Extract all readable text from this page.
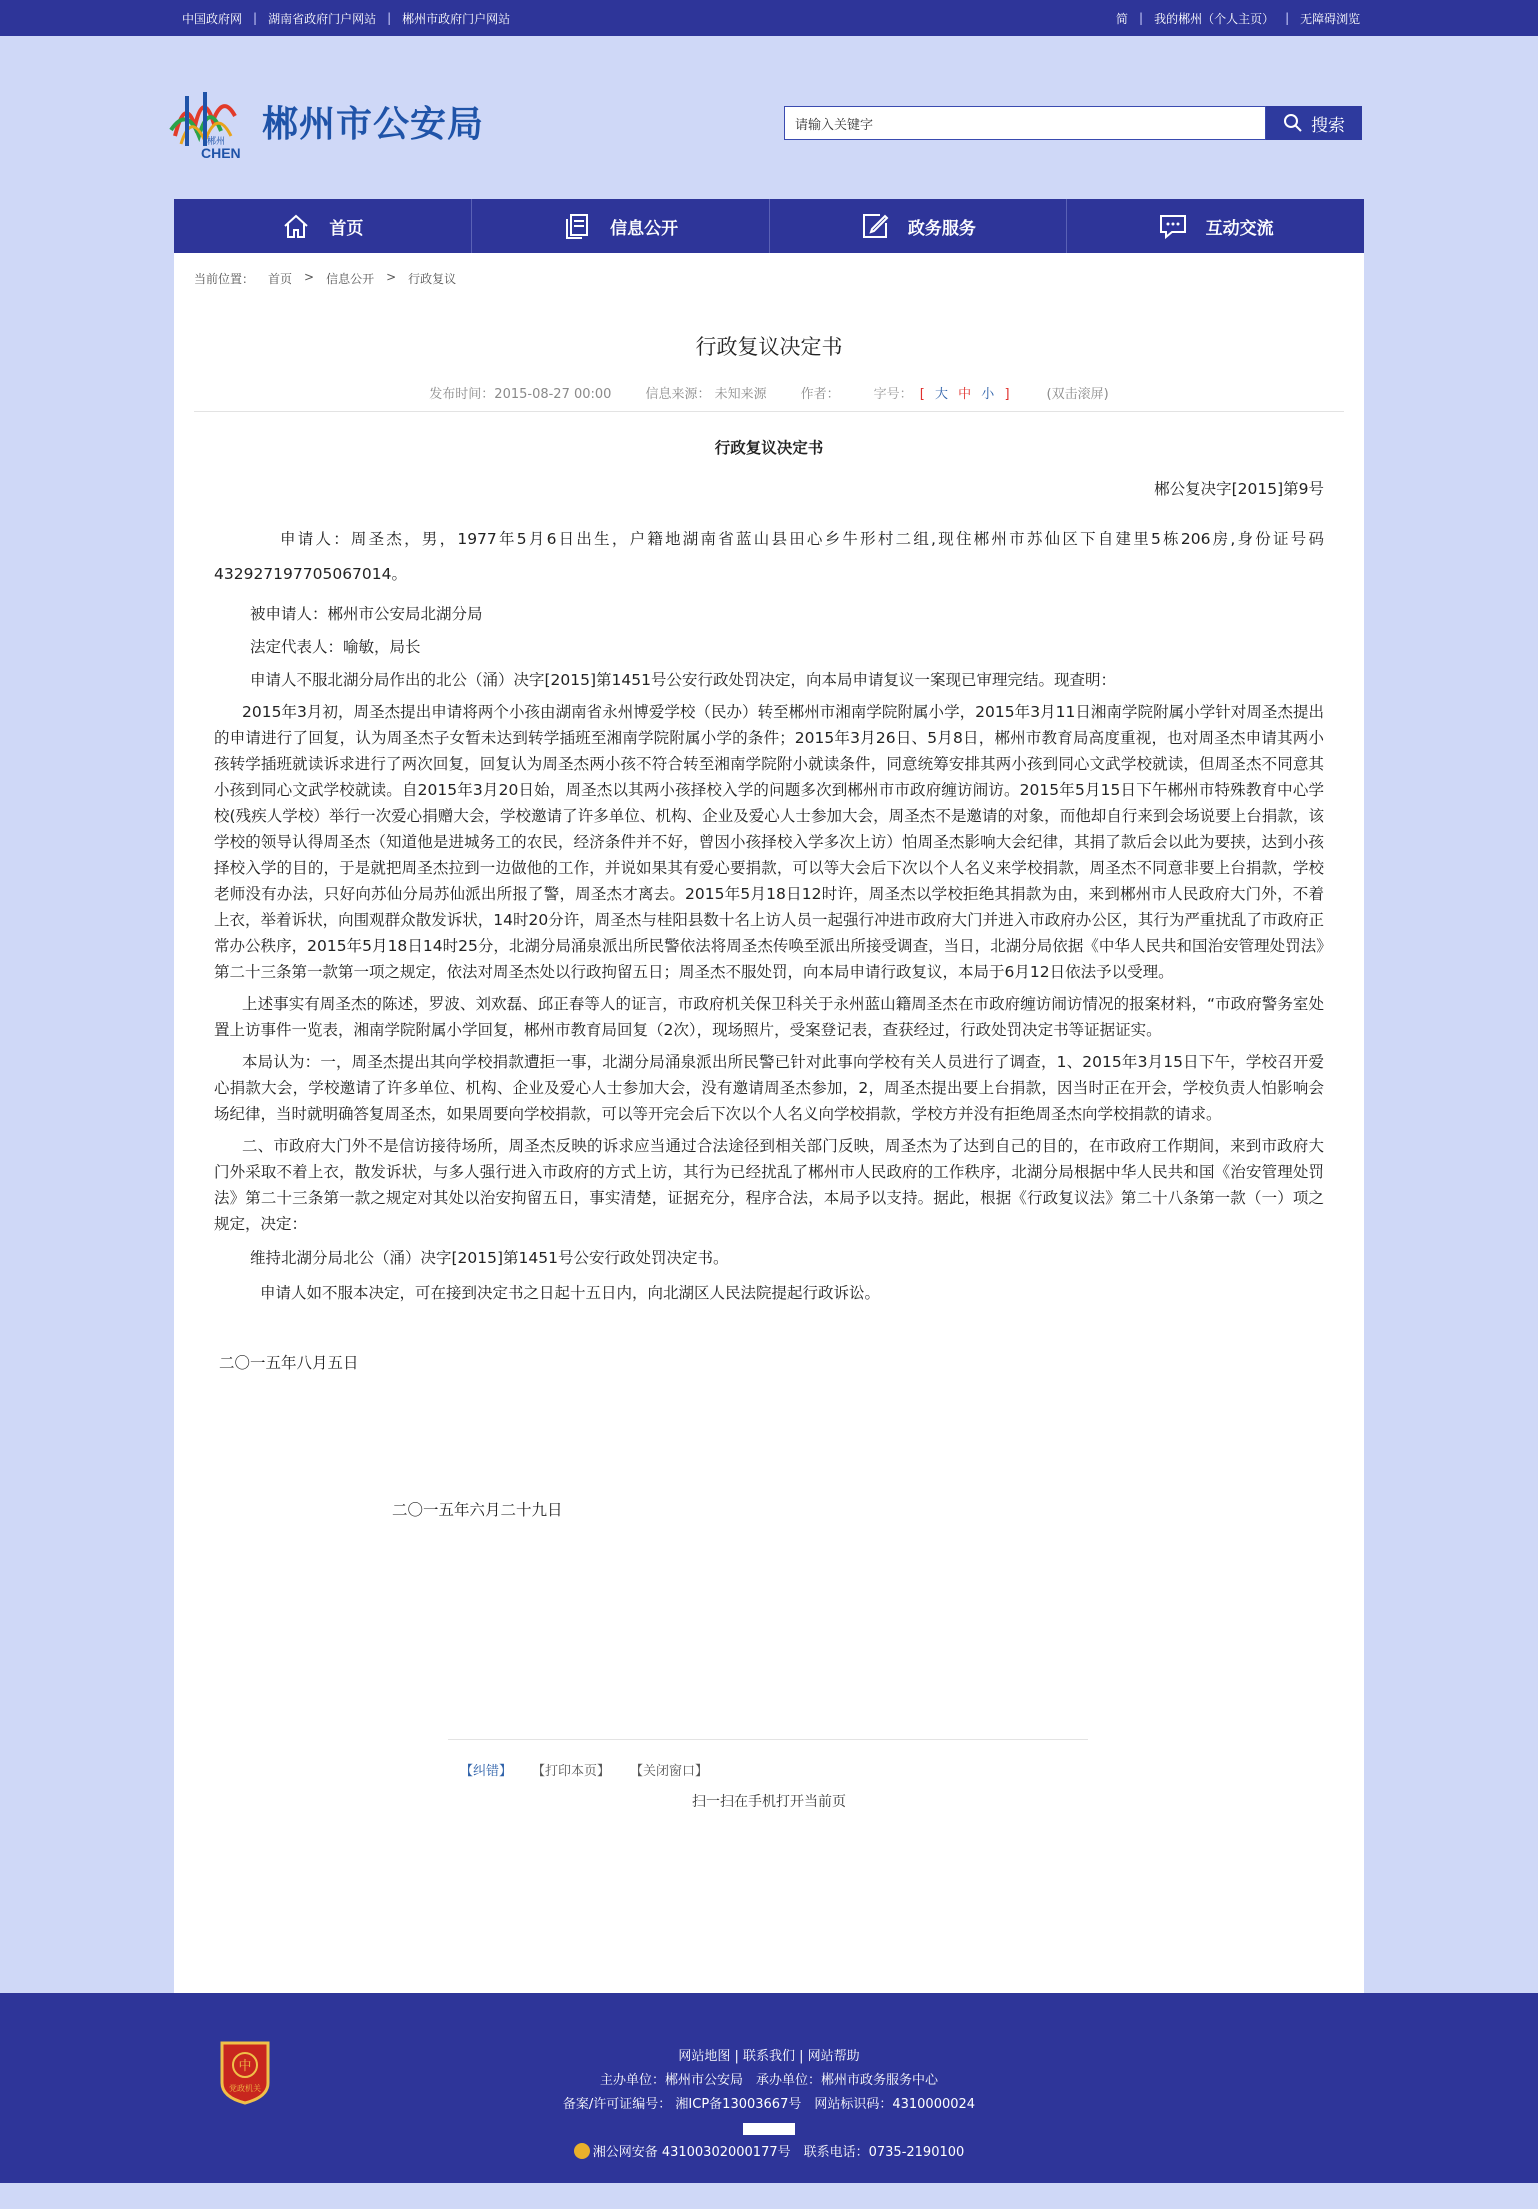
中国政府网 | 湖南省政府门户网站 | 郴州市政府门户网站	简 | 我的郴州（个人主页） | 无障碍浏览
郴州
CHEN
郴州市公安局
请输入关键字	搜索
首页	信息公开	政务服务	互动交流
当前位置： 首页 > 信息公开 > 行政复议
行政复议决定书
发布时间：2015-08-27 00:00	信息来源： 未知来源	作者：	字号： [ 大 中 小 ]	(双击滚屏)
行政复议决定书
郴公复决字[2015]第9号

申请人：周圣杰，男，1977年5月6日出生，户籍地湖南省蓝山县田心乡牛形村二组,现住郴州市苏仙区下自建里5栋206房,身份证号码432927197705067014。

被申请人：郴州市公安局北湖分局

法定代表人：喻敏，局长

申请人不服北湖分局作出的北公（涌）决字[2015]第1451号公安行政处罚决定，向本局申请复议一案现已审理完结。现查明：

2015年3月初，周圣杰提出申请将两个小孩由湖南省永州博爱学校（民办）转至郴州市湘南学院附属小学，2015年3月11日湘南学院附属小学针对周圣杰提出的申请进行了回复，认为周圣杰子女暂未达到转学插班至湘南学院附属小学的条件；2015年3月26日、5月8日，郴州市教育局高度重视，也对周圣杰申请其两小孩转学插班就读诉求进行了两次回复，回复认为周圣杰两小孩不符合转至湘南学院附小就读条件，同意统筹安排其两小孩到同心文武学校就读，但周圣杰不同意其小孩到同心文武学校就读。自2015年3月20日始，周圣杰以其两小孩择校入学的问题多次到郴州市市政府缠访闹访。2015年5月15日下午郴州市特殊教育中心学校(残疾人学校）举行一次爱心捐赠大会，学校邀请了许多单位、机构、企业及爱心人士参加大会，周圣杰不是邀请的对象，而他却自行来到会场说要上台捐款，该学校的领导认得周圣杰（知道他是进城务工的农民，经济条件并不好，曾因小孩择校入学多次上访）怕周圣杰影响大会纪律，其捐了款后会以此为要挟，达到小孩择校入学的目的，于是就把周圣杰拉到一边做他的工作，并说如果其有爱心要捐款，可以等大会后下次以个人名义来学校捐款，周圣杰不同意非要上台捐款，学校老师没有办法，只好向苏仙分局苏仙派出所报了警，周圣杰才离去。2015年5月18日12时许，周圣杰以学校拒绝其捐款为由，来到郴州市人民政府大门外，不着上衣，举着诉状，向围观群众散发诉状，14时20分许，周圣杰与桂阳县数十名上访人员一起强行冲进市政府大门并进入市政府办公区，其行为严重扰乱了市政府正常办公秩序，2015年5月18日14时25分，北湖分局涌泉派出所民警依法将周圣杰传唤至派出所接受调查，当日，北湖分局依据《中华人民共和国治安管理处罚法》第二十三条第一款第一项之规定，依法对周圣杰处以行政拘留五日；周圣杰不服处罚，向本局申请行政复议，本局于6月12日依法予以受理。

上述事实有周圣杰的陈述，罗波、刘欢磊、邱正春等人的证言，市政府机关保卫科关于永州蓝山籍周圣杰在市政府缠访闹访情况的报案材料，“市政府警务室处置上访事件一览表，湘南学院附属小学回复，郴州市教育局回复（2次），现场照片，受案登记表，查获经过，行政处罚决定书等证据证实。

本局认为：一，周圣杰提出其向学校捐款遭拒一事，北湖分局涌泉派出所民警已针对此事向学校有关人员进行了调查，1、2015年3月15日下午，学校召开爱心捐款大会，学校邀请了许多单位、机构、企业及爱心人士参加大会，没有邀请周圣杰参加，2，周圣杰提出要上台捐款，因当时正在开会，学校负责人怕影响会场纪律，当时就明确答复周圣杰，如果周要向学校捐款，可以等开完会后下次以个人名义向学校捐款，学校方并没有拒绝周圣杰向学校捐款的请求。

二、市政府大门外不是信访接待场所，周圣杰反映的诉求应当通过合法途径到相关部门反映，周圣杰为了达到自己的目的，在市政府工作期间，来到市政府大门外采取不着上衣，散发诉状，与多人强行进入市政府的方式上访，其行为已经扰乱了郴州市人民政府的工作秩序，北湖分局根据中华人民共和国《治安管理处罚法》第二十三条第一款之规定对其处以治安拘留五日，事实清楚，证据充分，程序合法，本局予以支持。据此，根据《行政复议法》第二十八条第一款（一）项之规定，决定：

维持北湖分局北公（涌）决字[2015]第1451号公安行政处罚决定书。

申请人如不服本决定，可在接到决定书之日起十五日内，向北湖区人民法院提起行政诉讼。

二〇一五年八月五日
二〇一五年六月二十九日
【纠错】 【打印本页】 【关闭窗口】
扫一扫在手机打开当前页
中
党政机关
网站地图 | 联系我们 | 网站帮助
主办单位：郴州市公安局　承办单位：郴州市政务服务中心
备案/许可证编号： 湘ICP备13003667号　网站标识码：4310000024
湘公网安备 43100302000177号　联系电话：0735-2190100
